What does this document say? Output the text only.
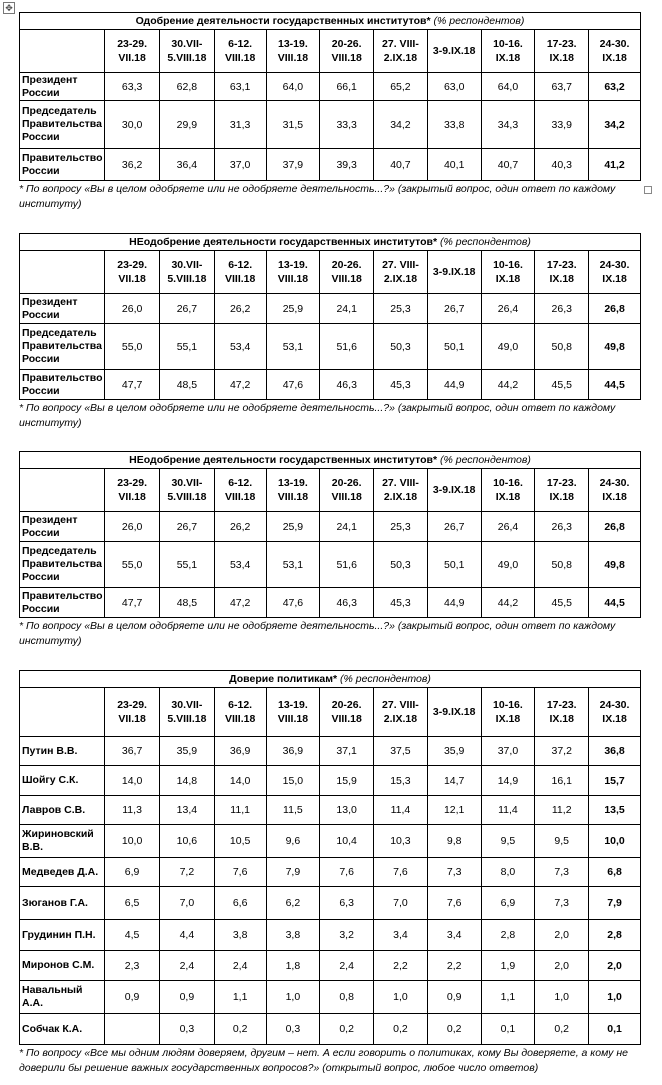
✥
Одобрение деятельности государственных институтов* (% респондентов)										
	23-29. VII.18	30.VII-5.VIII.18	6-12. VIII.18	13-19. VIII.18	20-26. VIII.18	27. VIII-2.IX.18	3-9.IX.18	10-16. IX.18	17-23. IX.18	24-30. IX.18
Президент России	63,3	62,8	63,1	64,0	66,1	65,2	63,0	64,0	63,7	63,2
Председатель Правительства России	30,0	29,9	31,3	31,5	33,3	34,2	33,8	34,3	33,9	34,2
Правительство России	36,2	36,4	37,0	37,9	39,3	40,7	40,1	40,7	40,3	41,2
* По вопросу «Вы в целом одобряете или не одобряете деятельность...?» (закрытый вопрос, один ответ по каждому институту)
НЕодобрение деятельности государственных институтов* (% респондентов)										
	23-29. VII.18	30.VII-5.VIII.18	6-12. VIII.18	13-19. VIII.18	20-26. VIII.18	27. VIII-2.IX.18	3-9.IX.18	10-16. IX.18	17-23. IX.18	24-30. IX.18
Президент России	26,0	26,7	26,2	25,9	24,1	25,3	26,7	26,4	26,3	26,8
Председатель Правительства России	55,0	55,1	53,4	53,1	51,6	50,3	50,1	49,0	50,8	49,8
Правительство России	47,7	48,5	47,2	47,6	46,3	45,3	44,9	44,2	45,5	44,5
* По вопросу «Вы в целом одобряете или не одобряете деятельность...?» (закрытый вопрос, один ответ по каждому институту)
НЕодобрение деятельности государственных институтов* (% респондентов)										
	23-29. VII.18	30.VII-5.VIII.18	6-12. VIII.18	13-19. VIII.18	20-26. VIII.18	27. VIII-2.IX.18	3-9.IX.18	10-16. IX.18	17-23. IX.18	24-30. IX.18
Президент России	26,0	26,7	26,2	25,9	24,1	25,3	26,7	26,4	26,3	26,8
Председатель Правительства России	55,0	55,1	53,4	53,1	51,6	50,3	50,1	49,0	50,8	49,8
Правительство России	47,7	48,5	47,2	47,6	46,3	45,3	44,9	44,2	45,5	44,5
* По вопросу «Вы в целом одобряете или не одобряете деятельность...?» (закрытый вопрос, один ответ по каждому институту)
Доверие политикам* (% респондентов)										
	23-29. VII.18	30.VII-5.VIII.18	6-12. VIII.18	13-19. VIII.18	20-26. VIII.18	27. VIII-2.IX.18	3-9.IX.18	10-16. IX.18	17-23. IX.18	24-30. IX.18
Путин В.В.	36,7	35,9	36,9	36,9	37,1	37,5	35,9	37,0	37,2	36,8
Шойгу С.К.	14,0	14,8	14,0	15,0	15,9	15,3	14,7	14,9	16,1	15,7
Лавров С.В.	11,3	13,4	11,1	11,5	13,0	11,4	12,1	11,4	11,2	13,5
Жириновский В.В.	10,0	10,6	10,5	9,6	10,4	10,3	9,8	9,5	9,5	10,0
Медведев Д.А.	6,9	7,2	7,6	7,9	7,6	7,6	7,3	8,0	7,3	6,8
Зюганов Г.А.	6,5	7,0	6,6	6,2	6,3	7,0	7,6	6,9	7,3	7,9
Грудинин П.Н.	4,5	4,4	3,8	3,8	3,2	3,4	3,4	2,8	2,0	2,8
Миронов С.М.	2,3	2,4	2,4	1,8	2,4	2,2	2,2	1,9	2,0	2,0
Навальный А.А.	0,9	0,9	1,1	1,0	0,8	1,0	0,9	1,1	1,0	1,0
Собчак К.А.		0,3	0,2	0,3	0,2	0,2	0,2	0,1	0,2	0,1
* По вопросу «Все мы одним людям доверяем, другим – нет. А если говорить о политиках, кому Вы доверяете, а кому не доверили бы решение важных государственных вопросов?» (открытый вопрос, любое число ответов)
